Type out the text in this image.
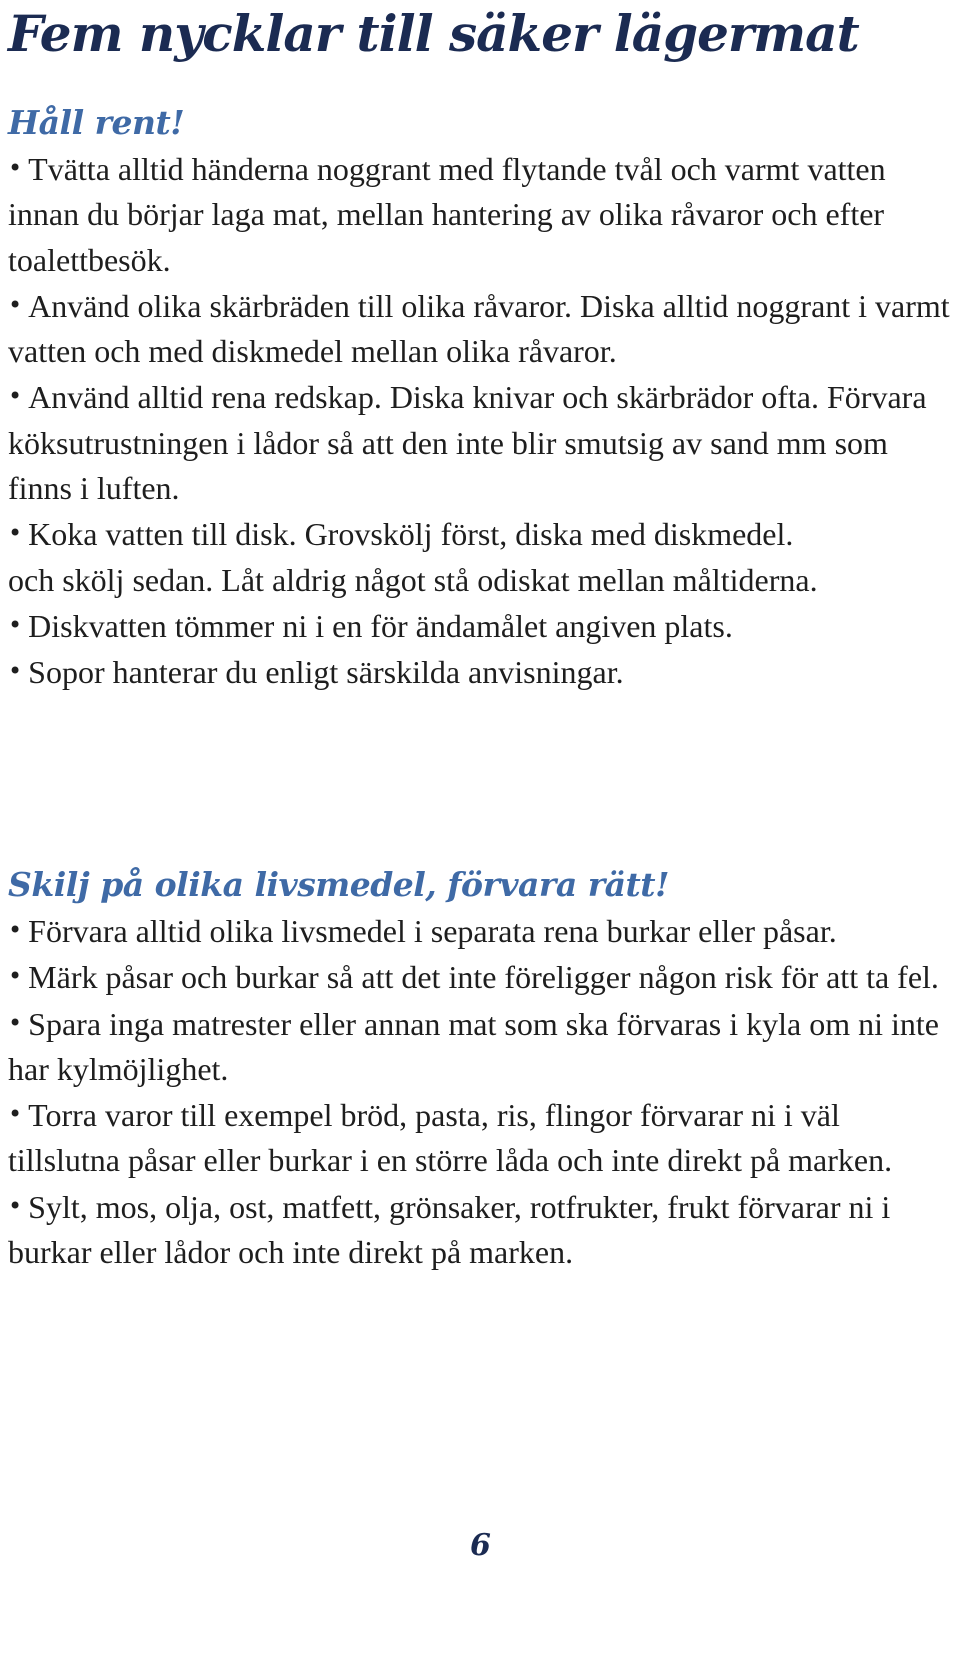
Fem nycklar till säker lägermat
Håll rent!

• Tvätta alltid händerna noggrant med flytande tvål och varmt vatten innan du börjar laga mat, mellan hantering av olika råvaror och efter toalettbesök.

• Använd olika skärbräden till olika råvaror. Diska alltid noggrant i varmt vatten och med diskmedel mellan olika råvaror.

• Använd alltid rena redskap. Diska knivar och skärbrädor ofta. Förvara köksutrustningen i lådor så att den inte blir smutsig av sand mm som finns i luften.

• Koka vatten till disk. Grovskölj först, diska med diskmedel.

och skölj sedan. Låt aldrig något stå odiskat mellan måltiderna.

• Diskvatten tömmer ni i en för ändamålet angiven plats.

• Sopor hanterar du enligt särskilda anvisningar.

Skilj på olika livsmedel, förvara rätt!

• Förvara alltid olika livsmedel i separata rena burkar eller påsar.

• Märk påsar och burkar så att det inte föreligger någon risk för att ta fel.

• Spara inga matrester eller annan mat som ska förvaras i kyla om ni inte har kylmöjlighet.

• Torra varor till exempel bröd, pasta, ris, flingor förvarar ni i väl tillslutna påsar eller burkar i en större låda och inte direkt på marken.

• Sylt, mos, olja, ost, matfett, grönsaker, rotfrukter, frukt förvarar ni i burkar eller lådor och inte direkt på marken.

6
